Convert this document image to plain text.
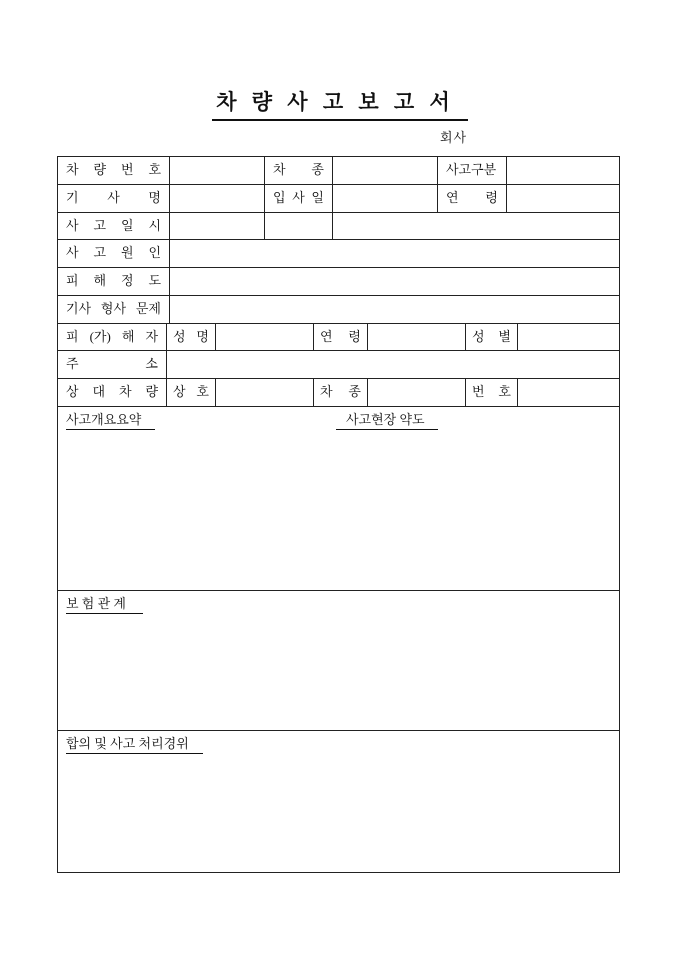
차 량 사 고 보 고 서
회사
차 량 번 호	차 종	사고구분
기 사 명	입 사 일	연 령
사 고 일 시
사 고 원 인
피 해 정 도
기사 형사 문제
피 (가) 해 자	성 명	연 령	성 별
주 소
상 대 차 량	상 호	차 종	번 호
사고개요요약	사고현장 약도
보 험 관 계
합의 및 사고 처리경위
